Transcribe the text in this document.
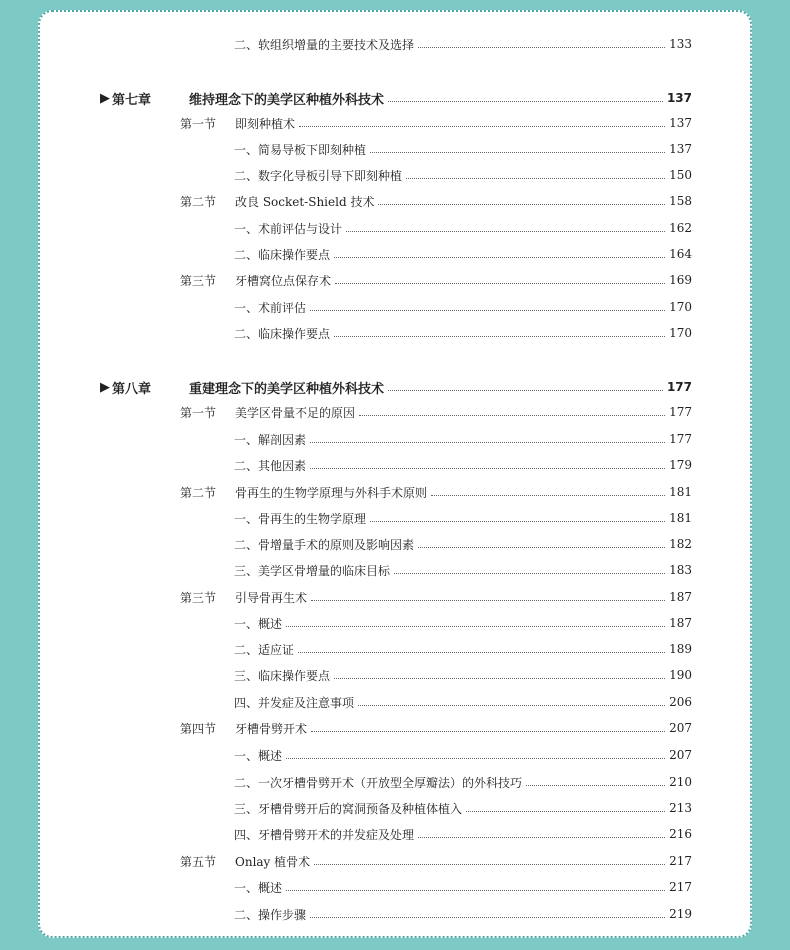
二、软组织增量的主要技术及选择	133
▶ 第七章	维持理念下的美学区种植外科技术	137
第一节	即刻种植术	137
一、简易导板下即刻种植	137
二、数字化导板引导下即刻种植	150
第二节	改良 Socket-Shield 技术	158
一、术前评估与设计	162
二、临床操作要点	164
第三节	牙槽窝位点保存术	169
一、术前评估	170
二、临床操作要点	170
▶ 第八章	重建理念下的美学区种植外科技术	177
第一节	美学区骨量不足的原因	177
一、解剖因素	177
二、其他因素	179
第二节	骨再生的生物学原理与外科手术原则	181
一、骨再生的生物学原理	181
二、骨增量手术的原则及影响因素	182
三、美学区骨增量的临床目标	183
第三节	引导骨再生术	187
一、概述	187
二、适应证	189
三、临床操作要点	190
四、并发症及注意事项	206
第四节	牙槽骨劈开术	207
一、概述	207
二、一次牙槽骨劈开术（开放型全厚瓣法）的外科技巧	210
三、牙槽骨劈开后的窝洞预备及种植体植入	213
四、牙槽骨劈开术的并发症及处理	216
第五节	Onlay 植骨术	217
一、概述	217
二、操作步骤	219
